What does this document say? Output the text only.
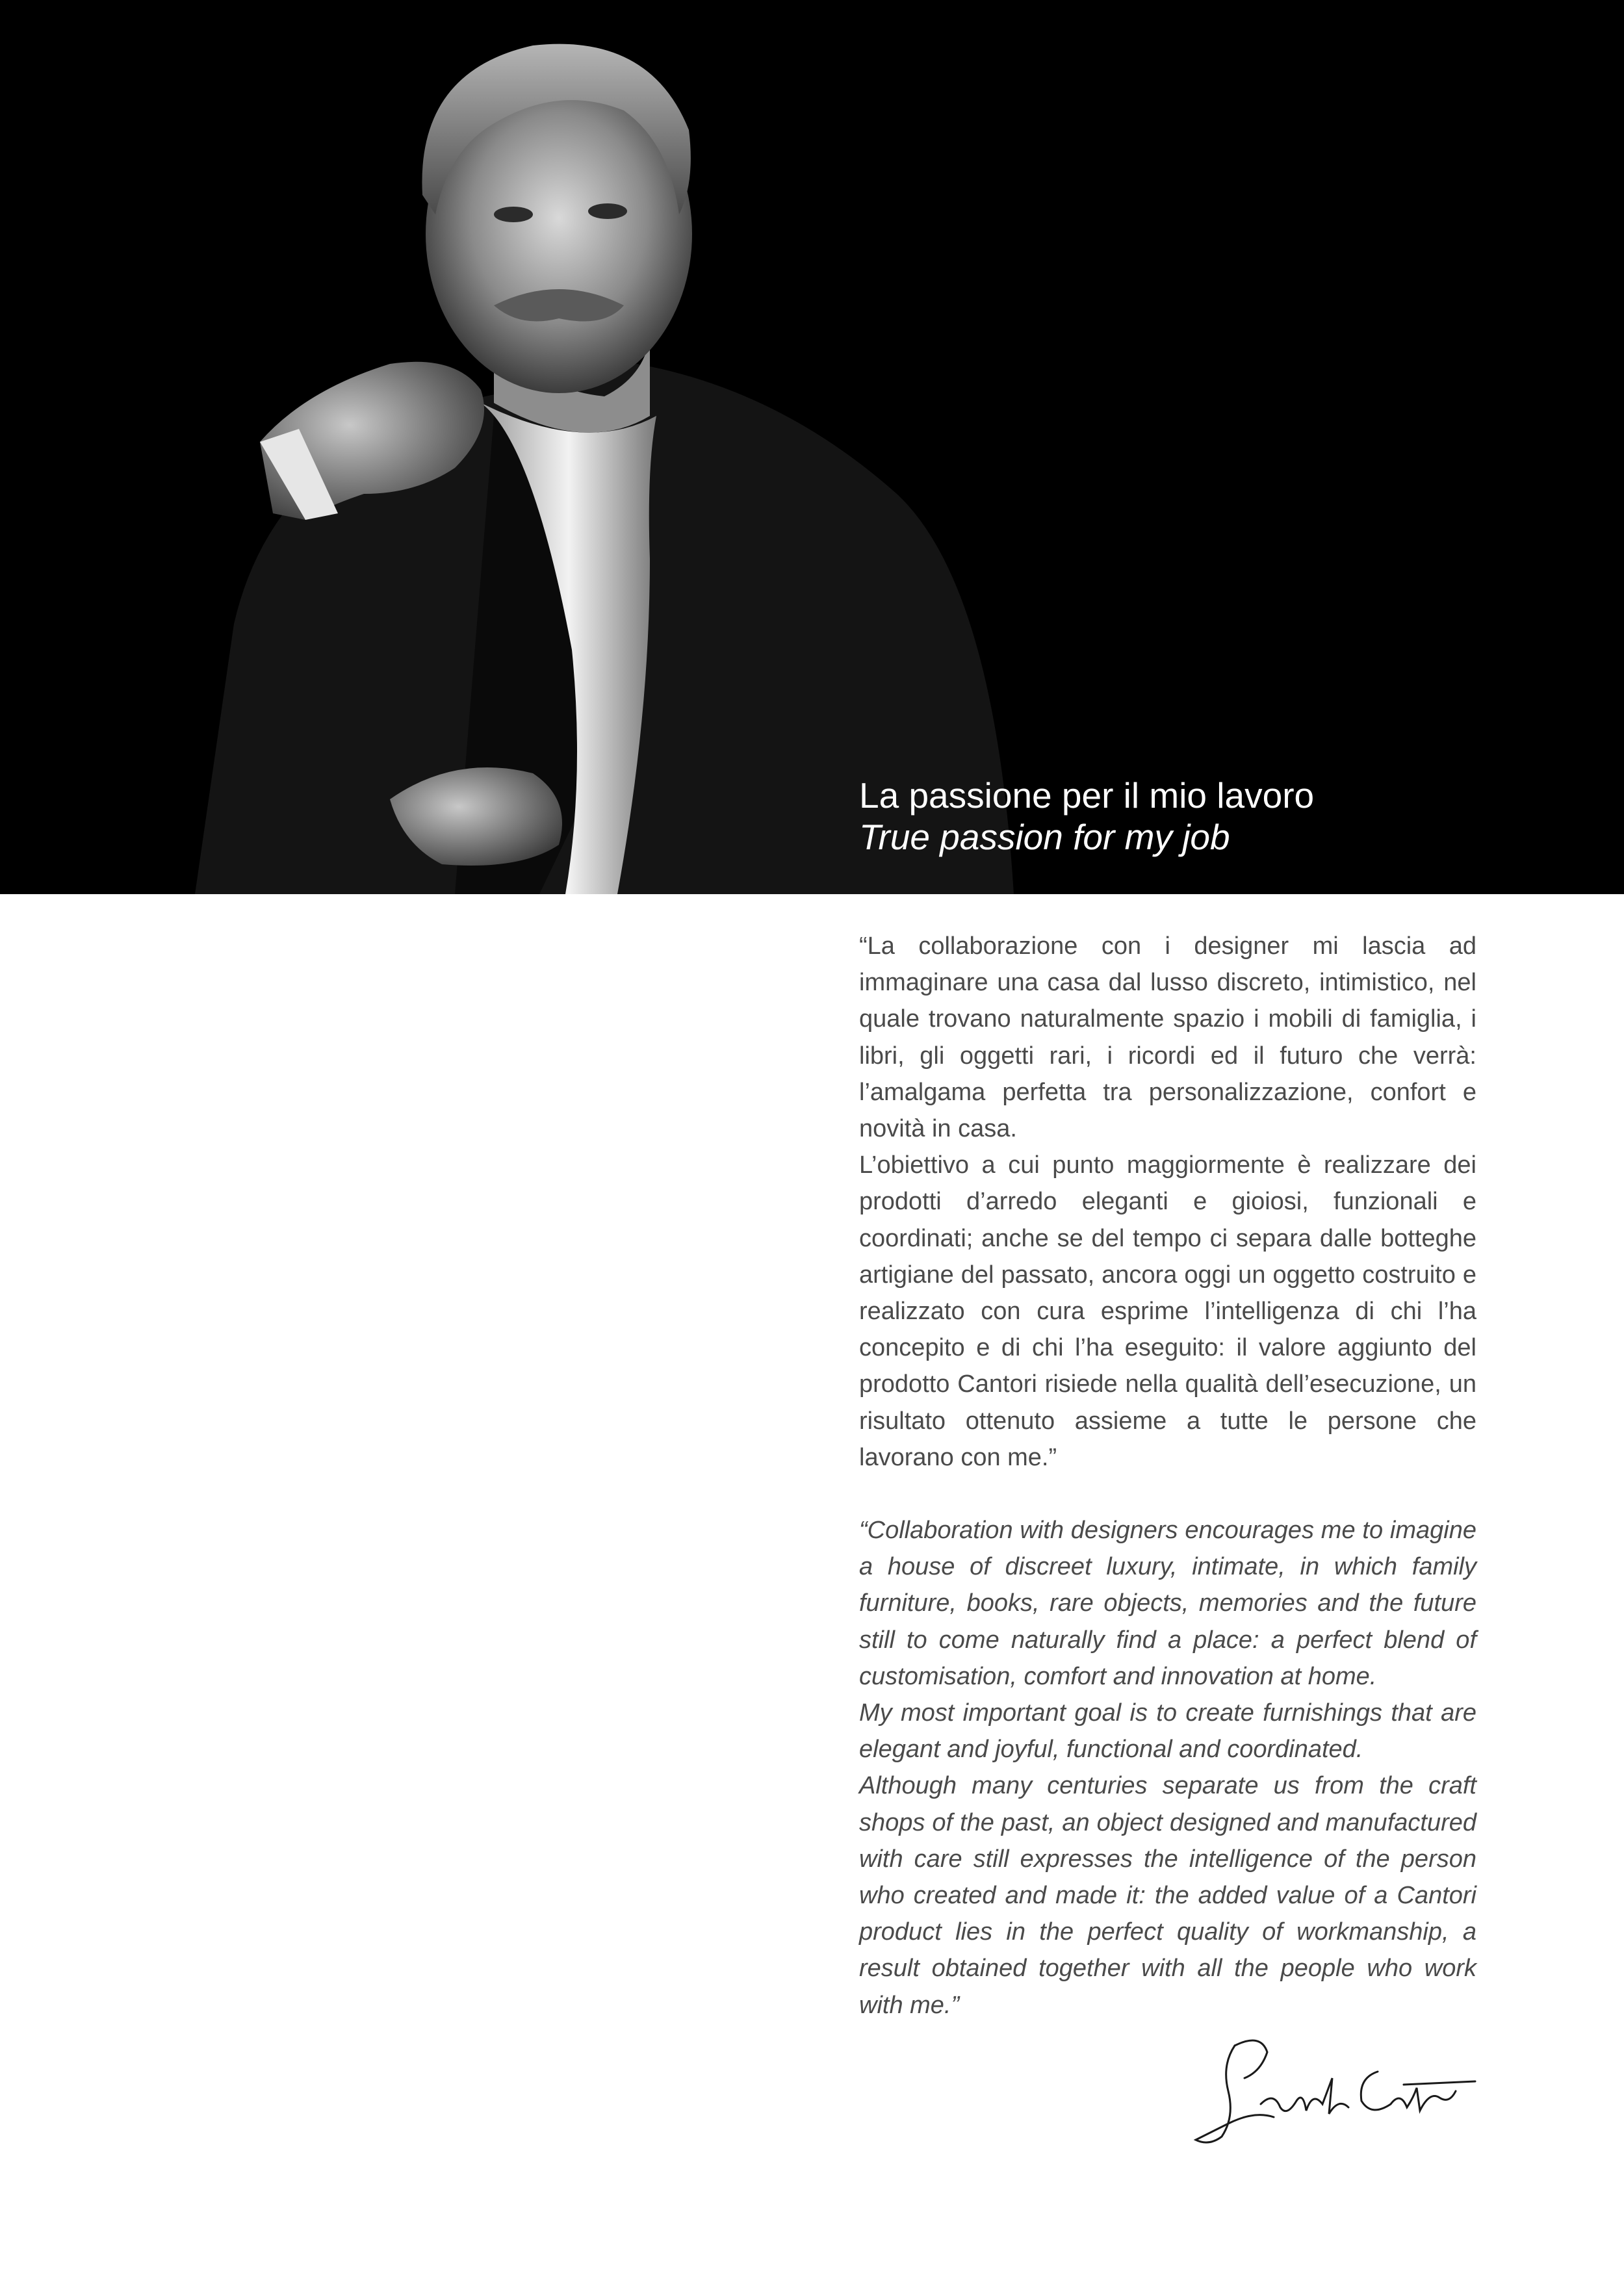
La passione per il mio lavoro
True passion for my job

“La collaborazione con i designer mi lascia ad immaginare una casa dal lusso discreto, intimistico, nel quale trovano naturalmente spazio i mobili di famiglia, i libri, gli oggetti rari, i ricordi ed il futuro che verrà: l’amalgama perfetta tra personalizzazione, confort e novità in casa.

L’obiettivo a cui punto maggiormente è realizzare dei prodotti d’arredo eleganti e gioiosi, funzionali e coordinati; anche se del tempo ci separa dalle botteghe artigiane del passato, ancora oggi un oggetto costruito e realizzato con cura esprime l’intelligenza di chi l’ha concepito e di chi l’ha eseguito: il valore aggiunto del prodotto Cantori risiede nella qualità dell’esecuzione, un risultato ottenuto assieme a tutte le persone che lavorano con me.”

“Collaboration with designers encourages me to imagine a house of discreet luxury, intimate, in which family furniture, books, rare objects, memories and the future still to come naturally find a place: a perfect blend of customisation, comfort and innovation at home.

My most important goal is to create furnishings that are elegant and joyful, functional and coordinated.

Although many centuries separate us from the craft shops of the past, an object designed and manufactured with care still expresses the intelligence of the person who created and made it: the added value of a Cantori product lies in the perfect quality of workmanship, a result obtained together with all the people who work with me.”
